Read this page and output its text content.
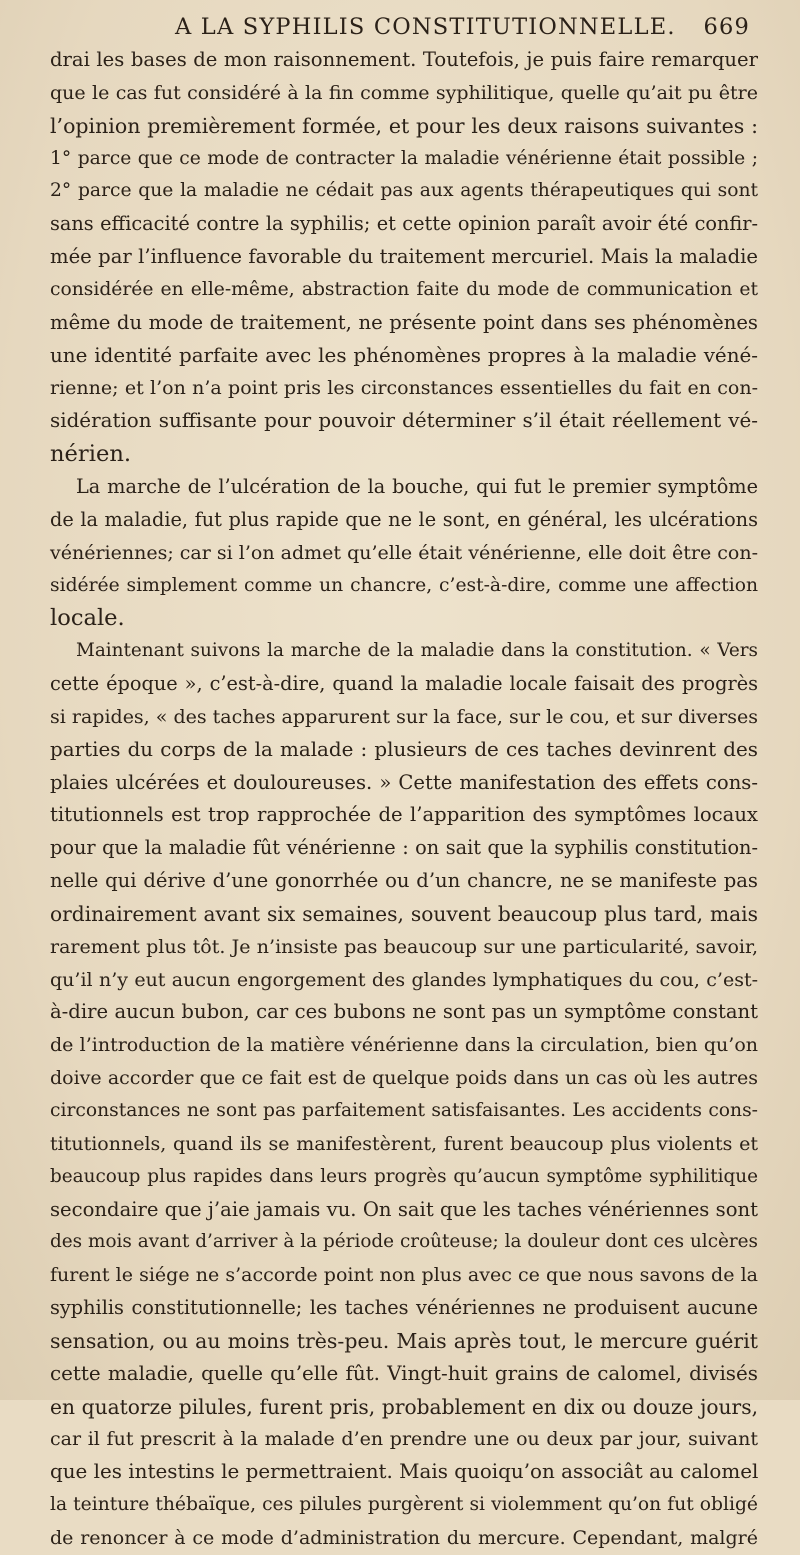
A LA SYPHILIS CONSTITUTIONNELLE. 669
drai les bases de mon raisonnement. Toutefois, je puis faire remarquer
que le cas fut considéré à la fin comme syphilitique, quelle qu’ait pu être
l’opinion premièrement formée, et pour les deux raisons suivantes :
1° parce que ce mode de contracter la maladie vénérienne était possible ;
2° parce que la maladie ne cédait pas aux agents thérapeutiques qui sont
sans efficacité contre la syphilis; et cette opinion paraît avoir été confir-
mée par l’influence favorable du traitement mercuriel. Mais la maladie
considérée en elle-même, abstraction faite du mode de communication et
même du mode de traitement, ne présente point dans ses phénomènes
une identité parfaite avec les phénomènes propres à la maladie véné-
rienne; et l’on n’a point pris les circonstances essentielles du fait en con-
sidération suffisante pour pouvoir déterminer s’il était réellement vé-
nérien.
La marche de l’ulcération de la bouche, qui fut le premier symptôme
de la maladie, fut plus rapide que ne le sont, en général, les ulcérations
vénériennes; car si l’on admet qu’elle était vénérienne, elle doit être con-
sidérée simplement comme un chancre, c’est-à-dire, comme une affection
locale.
Maintenant suivons la marche de la maladie dans la constitution. « Vers
cette époque », c’est-à-dire, quand la maladie locale faisait des progrès
si rapides, « des taches apparurent sur la face, sur le cou, et sur diverses
parties du corps de la malade : plusieurs de ces taches devinrent des
plaies ulcérées et douloureuses. » Cette manifestation des effets cons-
titutionnels est trop rapprochée de l’apparition des symptômes locaux
pour que la maladie fût vénérienne : on sait que la syphilis constitution-
nelle qui dérive d’une gonorrhée ou d’un chancre, ne se manifeste pas
ordinairement avant six semaines, souvent beaucoup plus tard, mais
rarement plus tôt. Je n’insiste pas beaucoup sur une particularité, savoir,
qu’il n’y eut aucun engorgement des glandes lymphatiques du cou, c’est-
à-dire aucun bubon, car ces bubons ne sont pas un symptôme constant
de l’introduction de la matière vénérienne dans la circulation, bien qu’on
doive accorder que ce fait est de quelque poids dans un cas où les autres
circonstances ne sont pas parfaitement satisfaisantes. Les accidents cons-
titutionnels, quand ils se manifestèrent, furent beaucoup plus violents et
beaucoup plus rapides dans leurs progrès qu’aucun symptôme syphilitique
secondaire que j’aie jamais vu. On sait que les taches vénériennes sont
des mois avant d’arriver à la période croûteuse; la douleur dont ces ulcères
furent le siége ne s’accorde point non plus avec ce que nous savons de la
syphilis constitutionnelle; les taches vénériennes ne produisent aucune
sensation, ou au moins très-peu. Mais après tout, le mercure guérit
cette maladie, quelle qu’elle fût. Vingt-huit grains de calomel, divisés
en quatorze pilules, furent pris, probablement en dix ou douze jours,
car il fut prescrit à la malade d’en prendre une ou deux par jour, suivant
que les intestins le permettraient. Mais quoiqu’on associât au calomel
la teinture thébaïque, ces pilules purgèrent si violemment qu’on fut obligé
de renoncer à ce mode d’administration du mercure. Cependant, malgré
